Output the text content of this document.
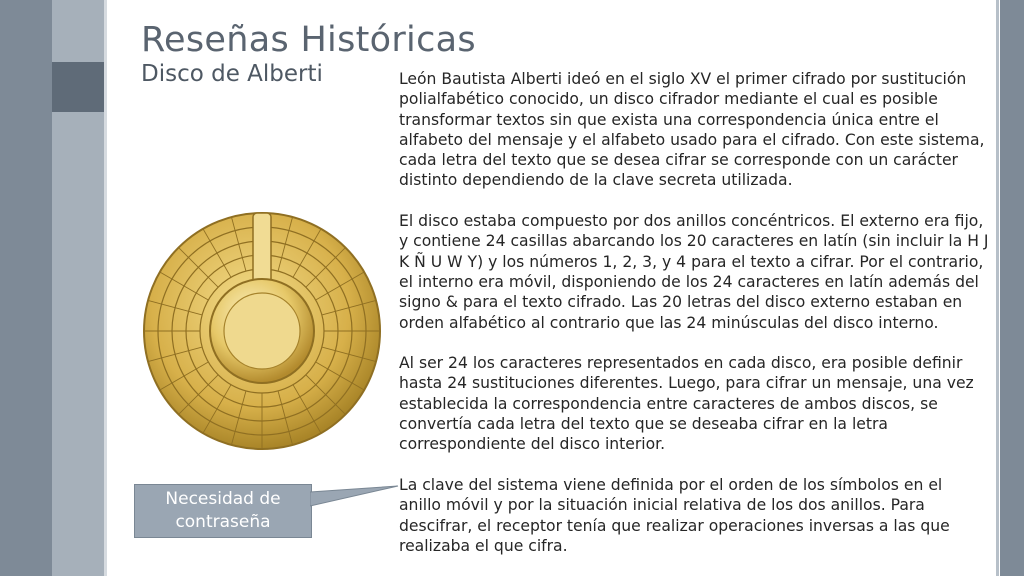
Reseñas Históricas
Disco de Alberti	León Bautista Alberti ideó en el siglo XV el primer cifrado por sustitución polialfabético conocido, un disco cifrador mediante el cual es posible transformar textos sin que exista una correspondencia única entre el alfabeto del mensaje y el alfabeto usado para el cifrado. Con este sistema, cada letra del texto que se desea cifrar se corresponde con un carácter distinto dependiendo de la clave secreta utilizada.

El disco estaba compuesto por dos anillos concéntricos. El externo era fijo, y contiene 24 casillas abarcando los 20 caracteres en latín (sin incluir la H J K Ñ U W Y) y los números 1, 2, 3, y 4 para el texto a cifrar. Por el contrario, el interno era móvil, disponiendo de los 24 caracteres en latín además del signo & para el texto cifrado. Las 20 letras del disco externo estaban en orden alfabético al contrario que las 24 minúsculas del disco interno.

Al ser 24 los caracteres representados en cada disco, era posible definir hasta 24 sustituciones diferentes. Luego, para cifrar un mensaje, una vez establecida la correspondencia entre caracteres de ambos discos, se convertía cada letra del texto que se deseaba cifrar en la letra correspondiente del disco interior.

La clave del sistema viene definida por el orden de los símbolos en el anillo móvil y por la situación inicial relativa de los dos anillos. Para descifrar, el receptor tenía que realizar operaciones inversas a las que realizaba el que cifra.

Necesidad de
contraseña
